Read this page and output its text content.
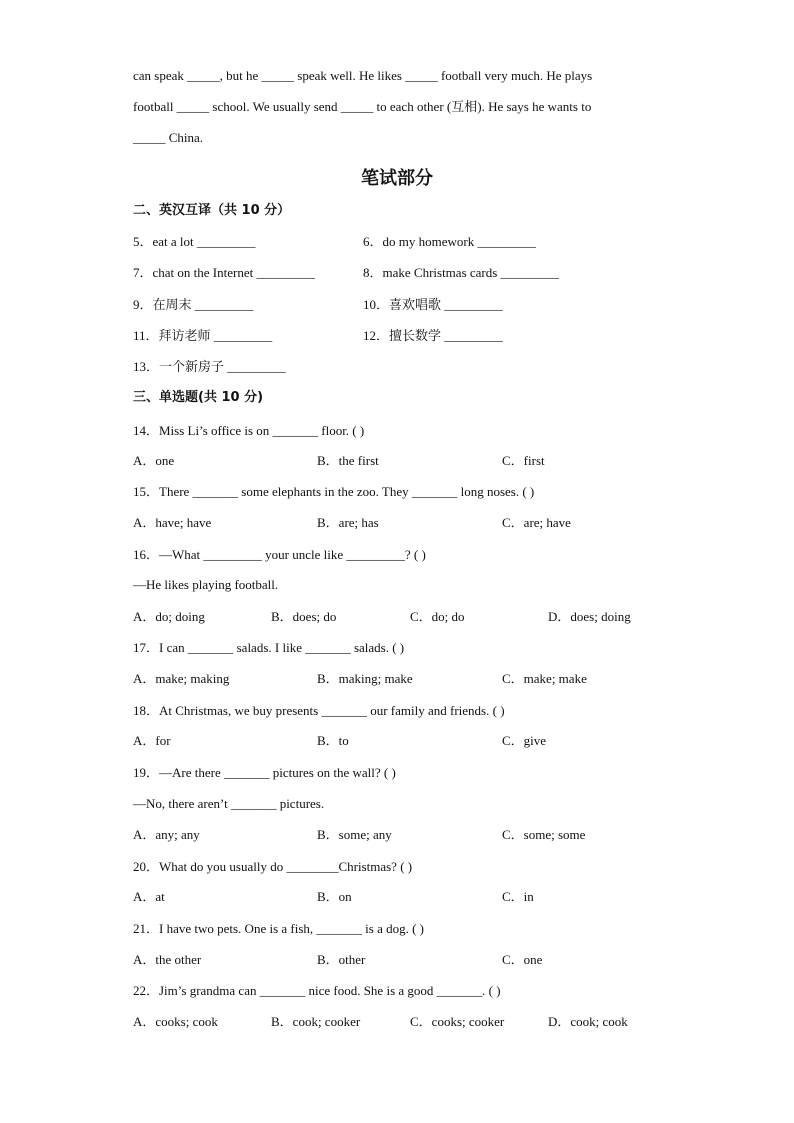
can speak _____, but he _____ speak well. He likes _____ football very much. He plays
football _____ school. We usually send _____ to each other (互相). He says he wants to
_____ China.
笔试部分
二、英汉互译（共 10 分）
5．eat a lot _________	6．do my homework _________
7．chat on the Internet _________	8．make Christmas cards _________
9．在周末 _________	10．喜欢唱歌 _________
11．拜访老师 _________	12．擅长数学 _________
13．一个新房子 _________
三、单选题(共 10 分)
14．Miss Li’s office is on _______ floor. ( )
A．one	B．the first	C．first
15．There _______ some elephants in the zoo. They _______ long noses. ( )
A．have; have	B．are; has	C．are; have
16．—What _________ your uncle like _________? ( )
—He likes playing football.
A．do; doing	B．does; do	C．do; do	D．does; doing
17．I can _______ salads. I like _______ salads. ( )
A．make; making	B．making; make	C．make; make
18．At Christmas, we buy presents _______ our family and friends. ( )
A．for	B．to	C．give
19．—Are there _______ pictures on the wall? ( )
—No, there aren’t _______ pictures.
A．any; any	B．some; any	C．some; some
20．What do you usually do ________Christmas? ( )
A．at	B．on	C．in
21．I have two pets. One is a fish, _______ is a dog. ( )
A．the other	B．other	C．one
22．Jim’s grandma can _______ nice food. She is a good _______. ( )
A．cooks; cook	B．cook; cooker	C．cooks; cooker	D．cook; cook
